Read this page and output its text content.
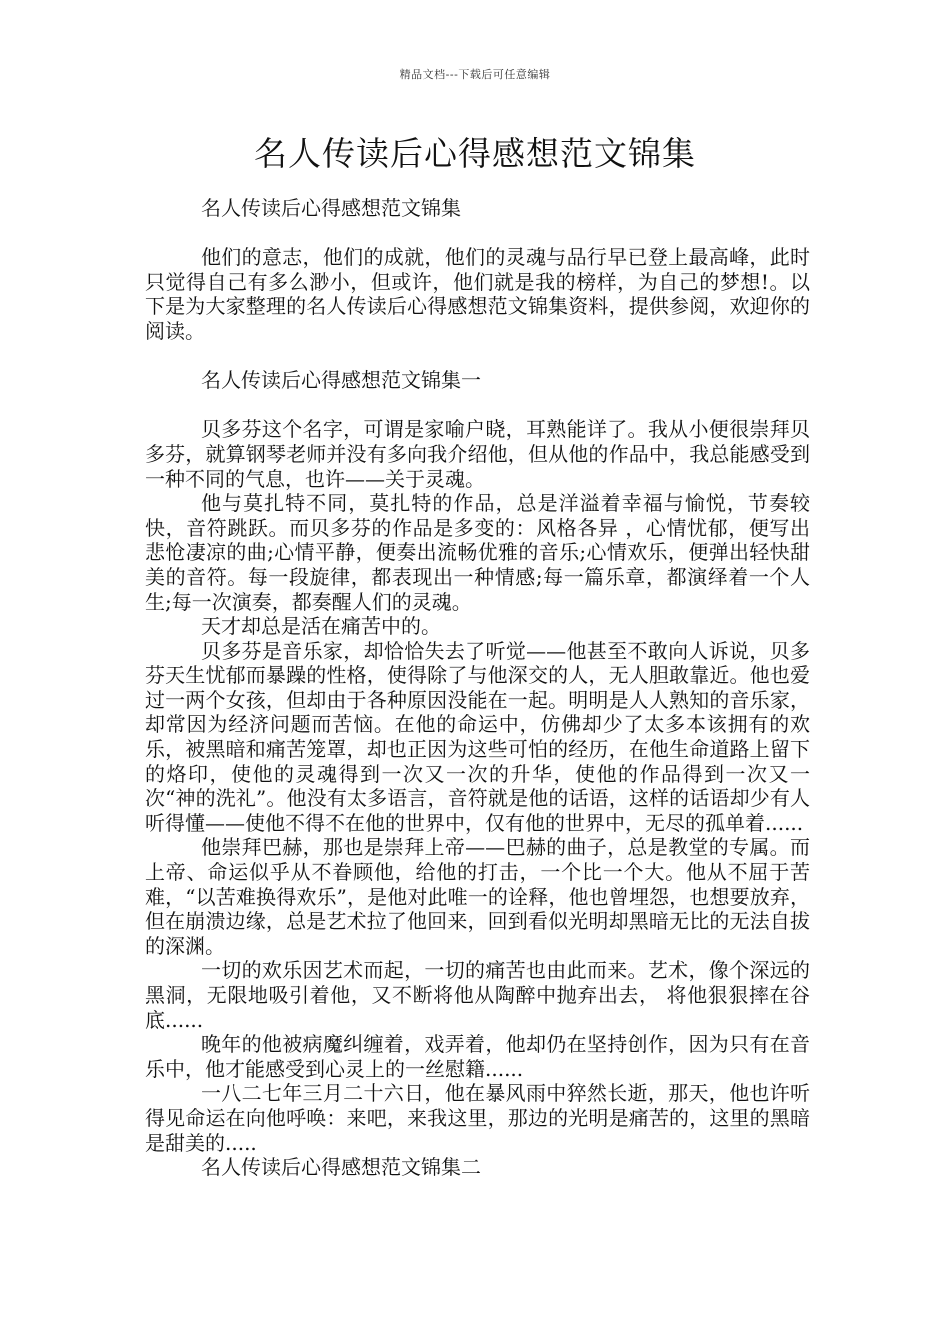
精品文档---下载后可任意编辑
名人传读后心得感想范文锦集

名人传读后心得感想范文锦集

他们的意志，他们的成就，他们的灵魂与品行早已登上最高峰，此时只觉得自己有多么渺小，但或许，他们就是我的榜样，为自己的梦想!。以下是为大家整理的名人传读后心得感想范文锦集资料，提供参阅，欢迎你的阅读。

名人传读后心得感想范文锦集一

贝多芬这个名字，可谓是家喻户晓，耳熟能详了。我从小便很崇拜贝多芬，就算钢琴老师并没有多向我介绍他，但从他的作品中，我总能感受到一种不同的气息，也许——关于灵魂。

他与莫扎特不同，莫扎特的作品，总是洋溢着幸福与愉悦，节奏较快，音符跳跃。而贝多芬的作品是多变的：风格各异 ，心情忧郁，便写出悲怆凄凉的曲;心情平静，便奏出流畅优雅的音乐;心情欢乐，便弹出轻快甜美的音符。每一段旋律，都表现出一种情感;每一篇乐章，都演绎着一个人生;每一次演奏，都奏醒人们的灵魂。

天才却总是活在痛苦中的。

贝多芬是音乐家，却恰恰失去了听觉——他甚至不敢向人诉说，贝多芬天生忧郁而暴躁的性格，使得除了与他深交的人，无人胆敢靠近。他也爱过一两个女孩，但却由于各种原因没能在一起。明明是人人熟知的音乐家，却常因为经济问题而苦恼。在他的命运中，仿佛却少了太多本该拥有的欢乐，被黑暗和痛苦笼罩，却也正因为这些可怕的经历，在他生命道路上留下的烙印，使他的灵魂得到一次又一次的升华，使他的作品得到一次又一次“神的洗礼”。他没有太多语言，音符就是他的话语，这样的话语却少有人听得懂——使他不得不在他的世界中，仅有他的世界中，无尽的孤单着......

他崇拜巴赫，那也是崇拜上帝——巴赫的曲子，总是教堂的专属。而上帝、命运似乎从不眷顾他，给他的打击，一个比一个大。他从不屈于苦难，“以苦难换得欢乐”，是他对此唯一的诠释，他也曾埋怨，也想要放弃，但在崩溃边缘，总是艺术拉了他回来，回到看似光明却黑暗无比的无法自拔的深渊。

一切的欢乐因艺术而起，一切的痛苦也由此而来。艺术，像个深远的黑洞，无限地吸引着他，又不断将他从陶醉中抛弃出去， 将他狠狠摔在谷底......

晚年的他被病魔纠缠着，戏弄着，他却仍在坚持创作，因为只有在音乐中，他才能感受到心灵上的一丝慰籍......

一八二七年三月二十六日，他在暴风雨中猝然长逝，那天，他也许听得见命运在向他呼唤：来吧，来我这里，那边的光明是痛苦的，这里的黑暗是甜美的.....

名人传读后心得感想范文锦集二
